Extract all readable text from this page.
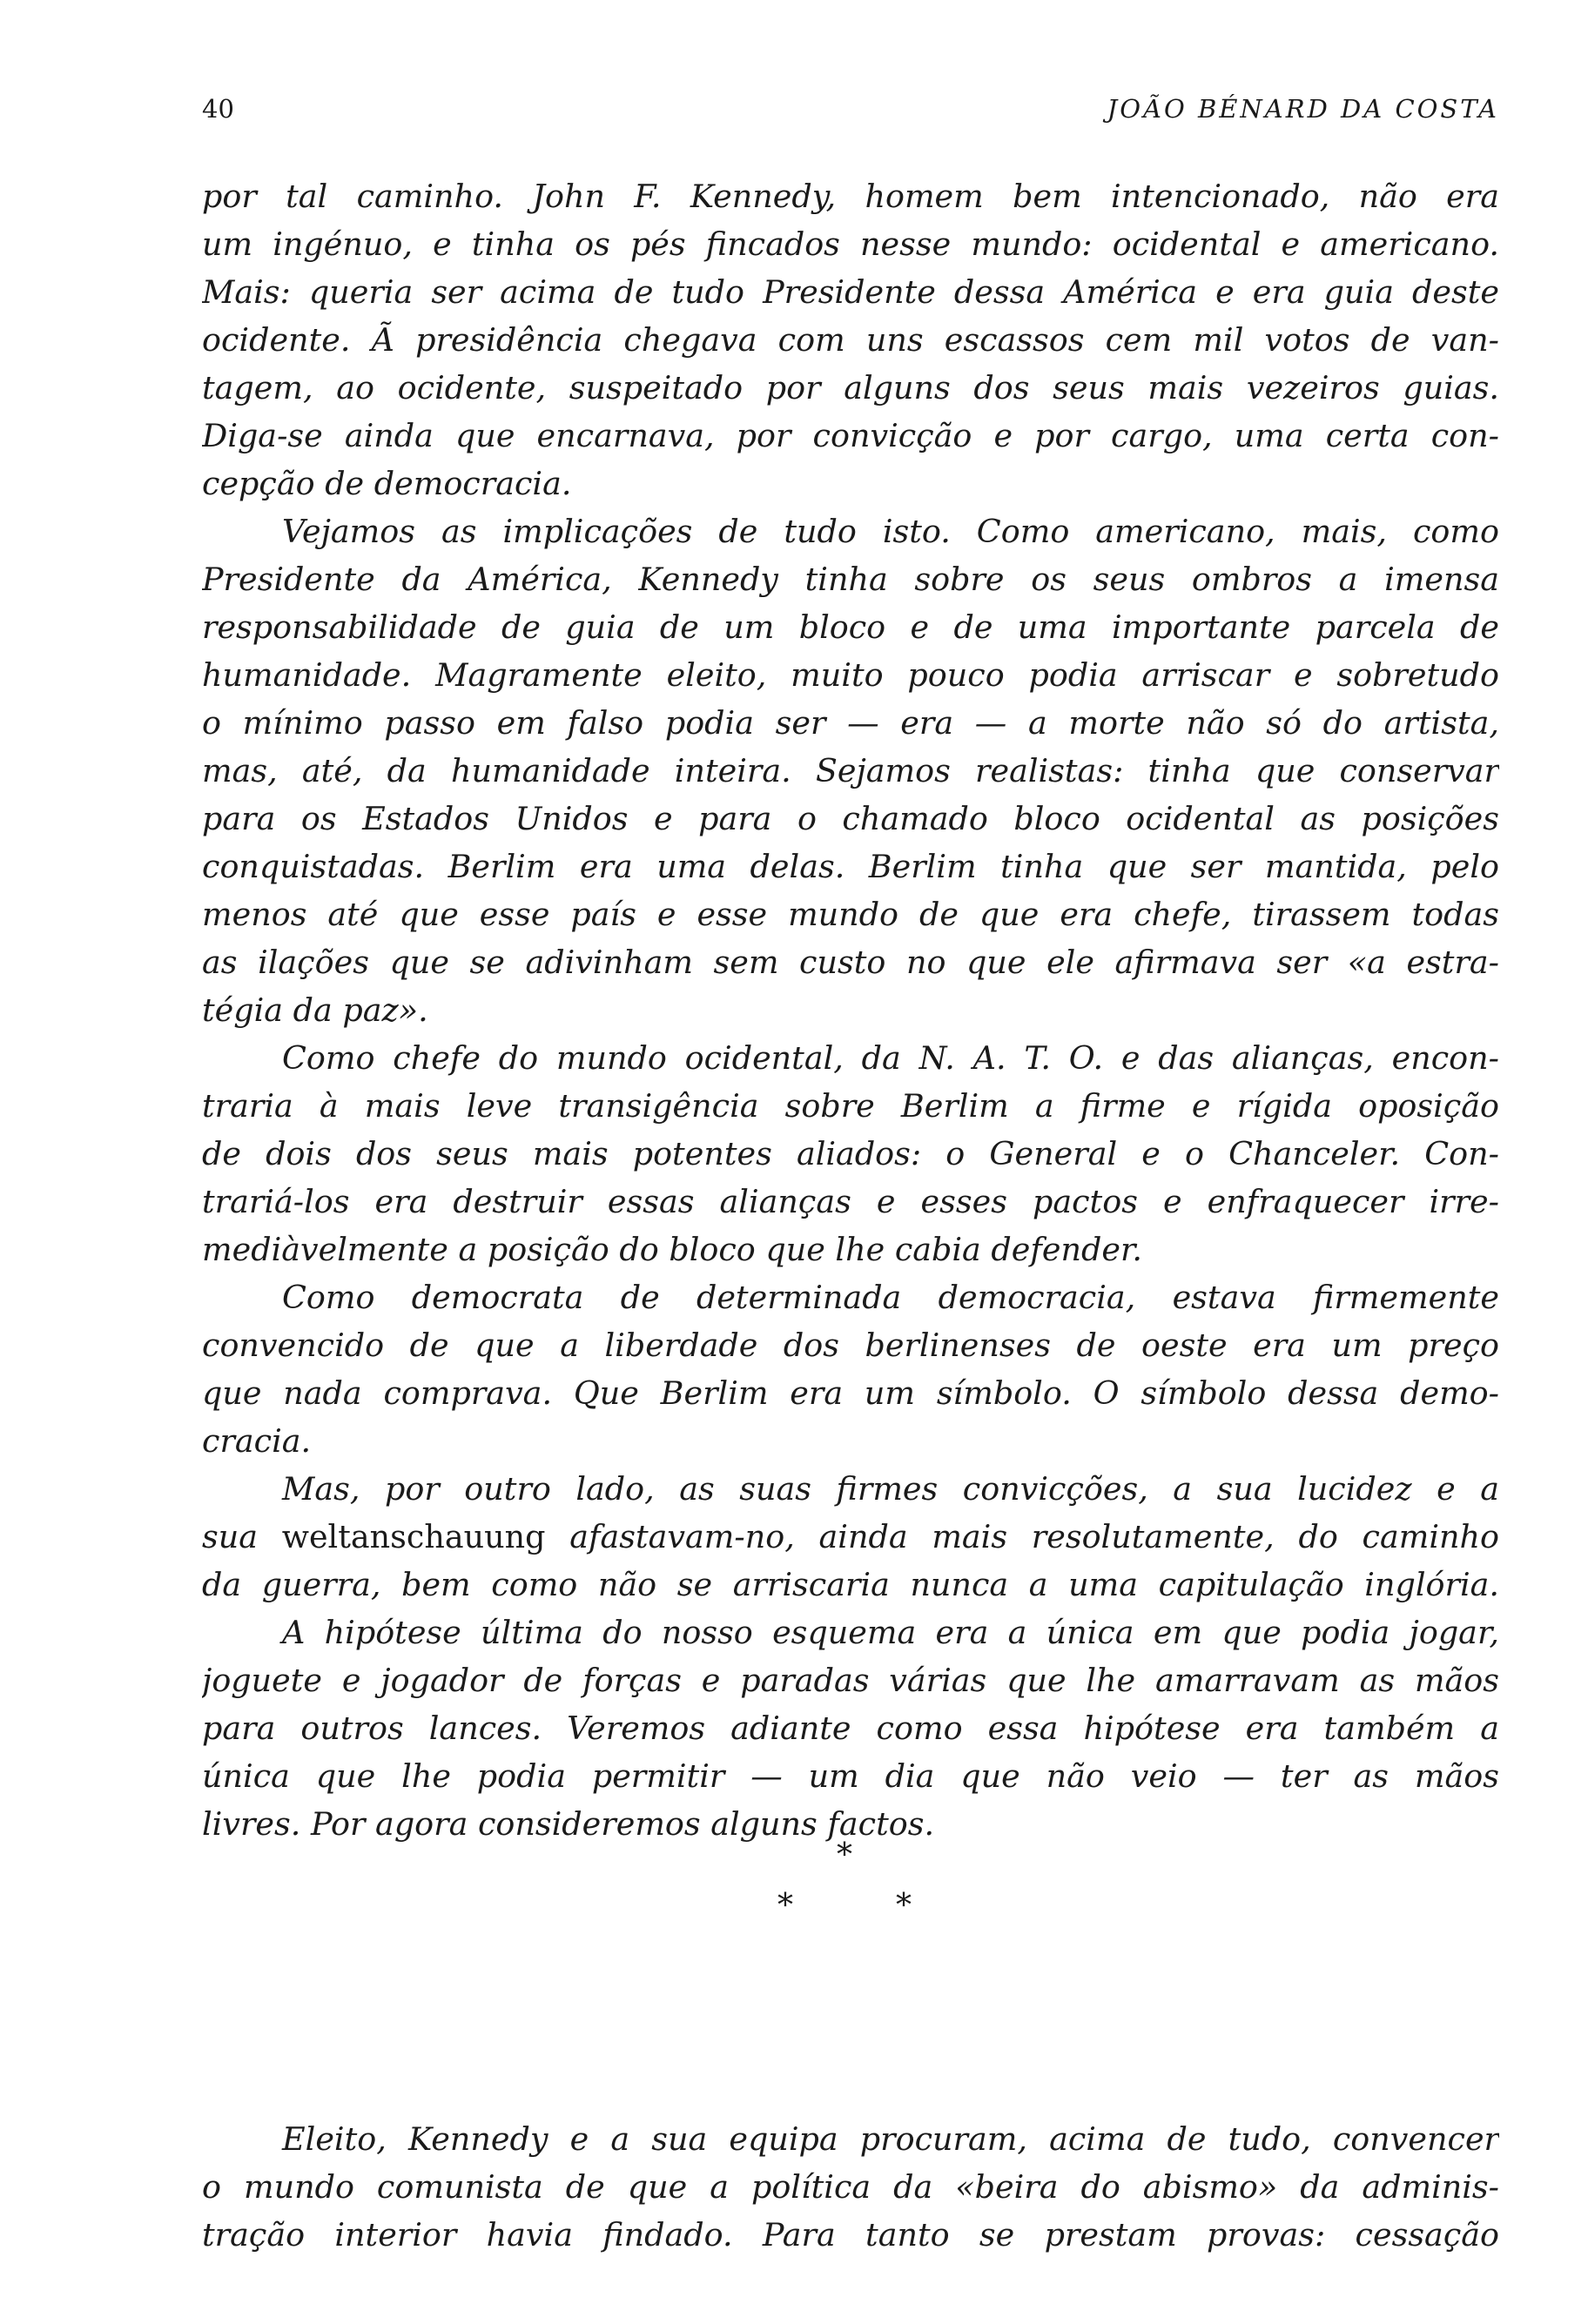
40	JOÃO BÉNARD DA COSTA
por tal caminho. John F. Kennedy, homem bem intencionado, não era
um ingénuo, e tinha os pés fincados nesse mundo: ocidental e americano.
Mais: queria ser acima de tudo Presidente dessa América e era guia deste
ocidente. Ã presidência chegava com uns escassos cem mil votos de van-
tagem, ao ocidente, suspeitado por alguns dos seus mais vezeiros guias.
Diga-se ainda que encarnava, por convicção e por cargo, uma certa con-
cepção de democracia.
Vejamos as implicações de tudo isto. Como americano, mais, como
Presidente da América, Kennedy tinha sobre os seus ombros a imensa
responsabilidade de guia de um bloco e de uma importante parcela de
humanidade. Magramente eleito, muito pouco podia arriscar e sobretudo
o mínimo passo em falso podia ser — era — a morte não só do artista,
mas, até, da humanidade inteira. Sejamos realistas: tinha que conservar
para os Estados Unidos e para o chamado bloco ocidental as posições
conquistadas. Berlim era uma delas. Berlim tinha que ser mantida, pelo
menos até que esse país e esse mundo de que era chefe, tirassem todas
as ilações que se adivinham sem custo no que ele afirmava ser «a estra-
tégia da paz».
Como chefe do mundo ocidental, da N. A. T. O. e das alianças, encon-
traria à mais leve transigência sobre Berlim a firme e rígida oposição
de dois dos seus mais potentes aliados: o General e o Chanceler. Con-
trariá-los era destruir essas alianças e esses pactos e enfraquecer irre-
mediàvelmente a posição do bloco que lhe cabia defender.
Como democrata de determinada democracia, estava firmemente
convencido de que a liberdade dos berlinenses de oeste era um preço
que nada comprava. Que Berlim era um símbolo. O símbolo dessa demo-
cracia.
Mas, por outro lado, as suas firmes convicções, a sua lucidez e a
sua weltanschauung afastavam-no, ainda mais resolutamente, do caminho
da guerra, bem como não se arriscaria nunca a uma capitulação inglória.
A hipótese última do nosso esquema era a única em que podia jogar,
joguete e jogador de forças e paradas várias que lhe amarravam as mãos
para outros lances. Veremos adiante como essa hipótese era também a
única que lhe podia permitir — um dia que não veio — ter as mãos
livres. Por agora consideremos alguns factos.
*
*	*
Eleito, Kennedy e a sua equipa procuram, acima de tudo, convencer
o mundo comunista de que a política da «beira do abismo» da adminis-
tração interior havia findado. Para tanto se prestam provas: cessação
